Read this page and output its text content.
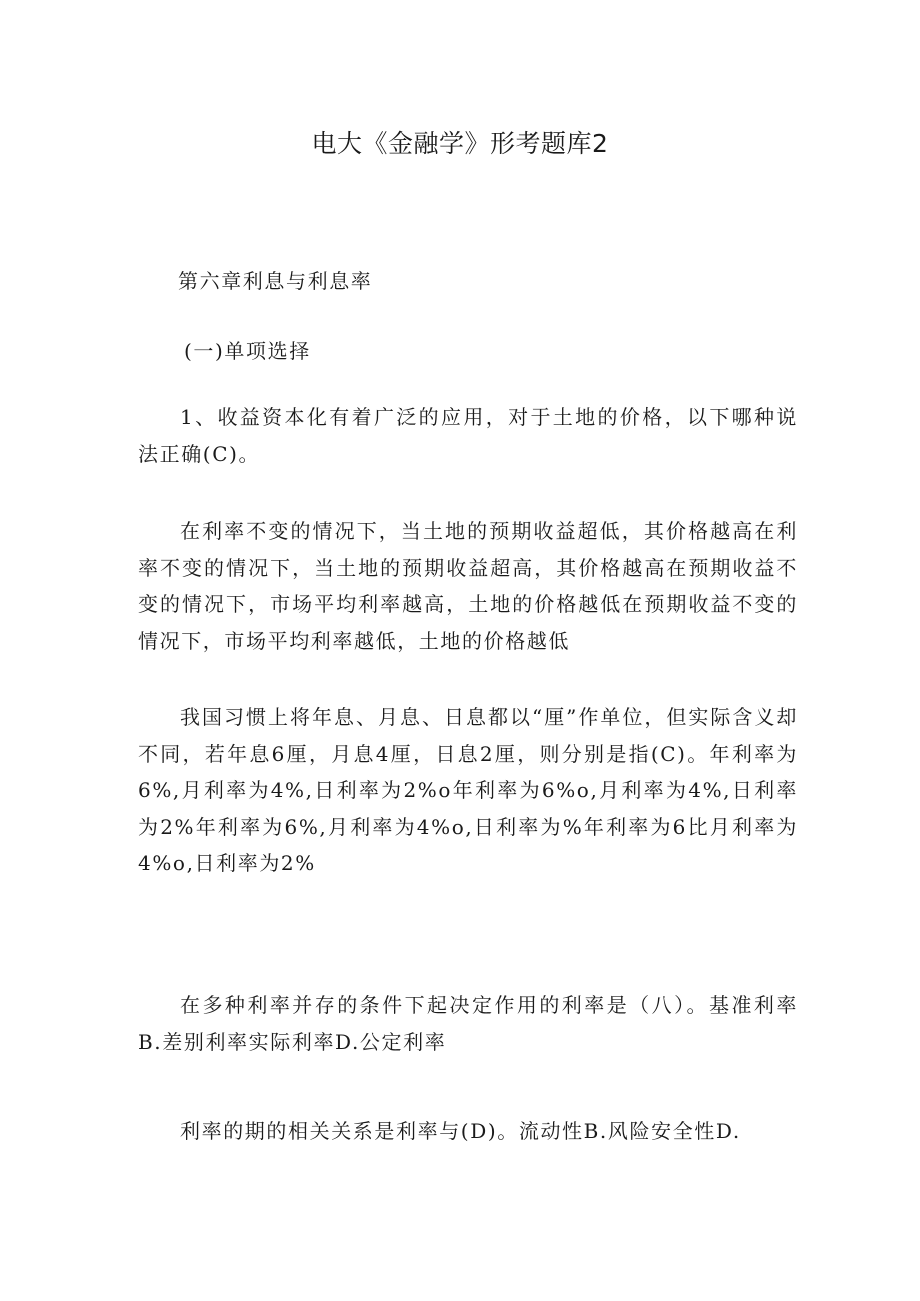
电大《金融学》形考题库2

第六章利息与利息率

(一)单项选择

1、收益资本化有着广泛的应用，对于土地的价格，以下哪种说法正确(C)。

在利率不变的情况下，当土地的预期收益超低，其价格越高在利率不变的情况下，当土地的预期收益超高，其价格越高在预期收益不变的情况下，市场平均利率越高，土地的价格越低在预期收益不变的情况下，市场平均利率越低，土地的价格越低

我国习惯上将年息、月息、日息都以“厘”作单位，但实际含义却不同，若年息6厘，月息4厘，日息2厘，则分别是指(C)。年利率为6%,月利率为4%,日利率为2%o年利率为6%o,月利率为4%,日利率为2%年利率为6%,月利率为4%o,日利率为%年利率为6比月利率为4%o,日利率为2%

在多种利率并存的条件下起决定作用的利率是（八）。基准利率B.差别利率实际利率D.公定利率

利率的期的相关关系是利率与(D)。流动性B.风险安全性D.
